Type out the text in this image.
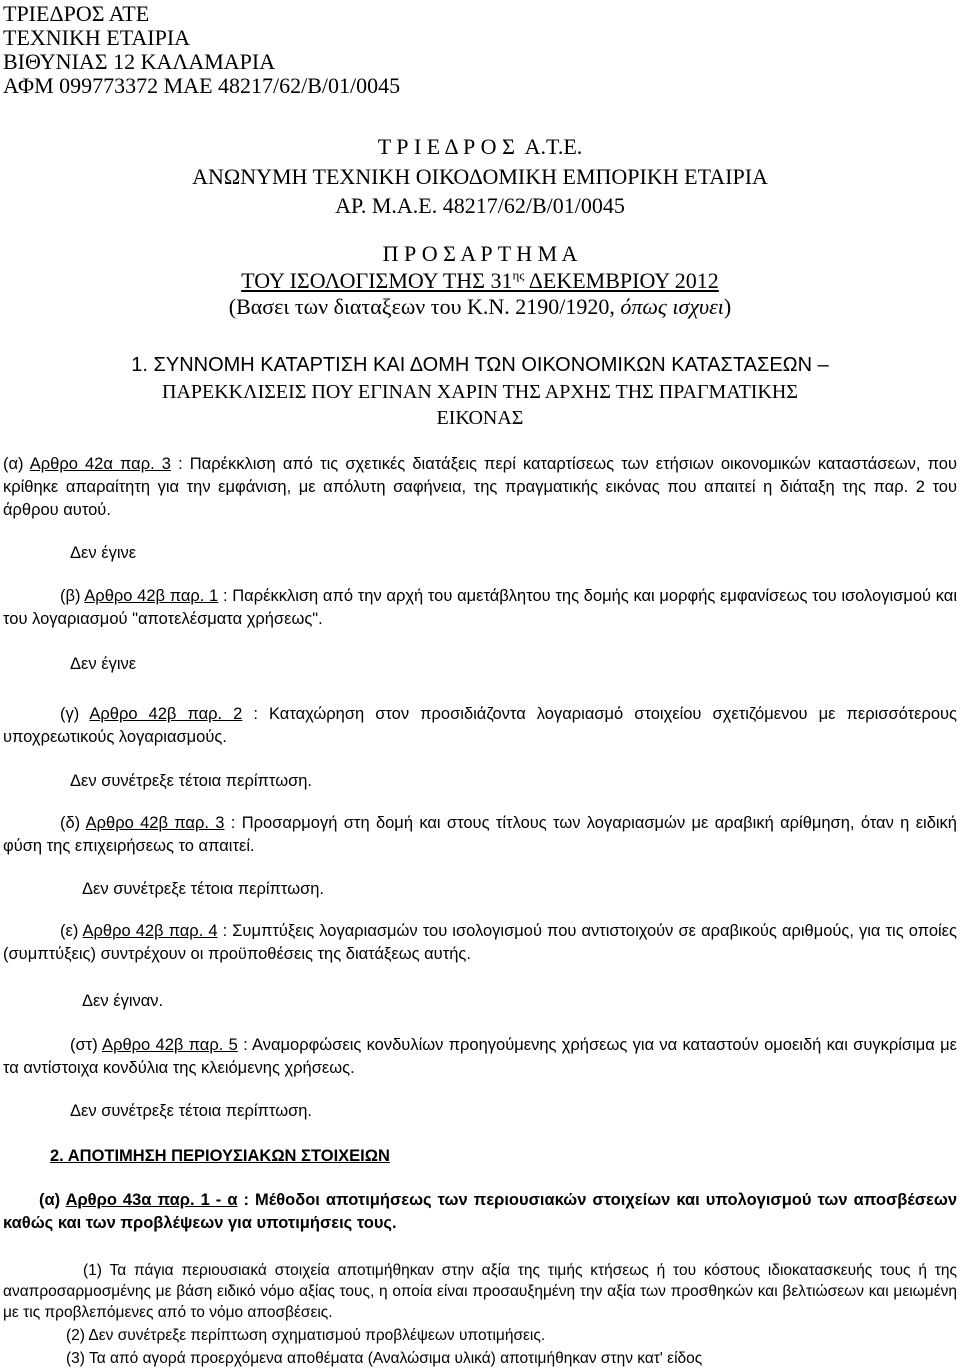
ΤΡΙΕΔΡΟΣ ΑΤΕ
ΤΕΧΝΙΚΗ ΕΤΑΙΡΙΑ
ΒΙΘΥΝΙΑΣ 12 ΚΑΛΑΜΑΡΙΑ
ΑΦΜ 099773372 ΜΑΕ 48217/62/Β/01/0045
Τ Ρ Ι Ε Δ Ρ Ο Σ  Α.Τ.Ε.
ΑΝΩΝΥΜΗ ΤΕΧΝΙΚΗ ΟΙΚΟΔΟΜΙΚΗ ΕΜΠΟΡΙΚΗ ΕΤΑΙΡΙΑ
ΑΡ. Μ.Α.Ε. 48217/62/Β/01/0045
Π Ρ Ο Σ Α Ρ Τ Η Μ Α
ΤΟΥ ΙΣΟΛΟΓΙΣΜΟΥ ΤΗΣ $31^{\eta\varsigma}$ ΔΕΚΕΜΒΡΙΟΥ 2012
(Βασει των διαταξεων του Κ.Ν. 2190/1920, όπως ισχυει)
1. ΣΥΝΝΟΜΗ ΚΑΤΑΡΤΙΣΗ ΚΑΙ ΔΟΜΗ ΤΩΝ ΟΙΚΟΝΟΜΙΚΩΝ ΚΑΤΑΣΤΑΣΕΩΝ –
ΠΑΡΕΚΚΛΙΣΕΙΣ ΠΟΥ ΕΓΙΝΑΝ ΧΑΡΙΝ ΤΗΣ ΑΡΧΗΣ ΤΗΣ ΠΡΑΓΜΑΤΙΚΗΣ
ΕΙΚΟΝΑΣ
(α) Αρθρο 42α παρ. 3 : Παρέκκλιση από τις σχετικές διατάξεις περί καταρτίσεως των ετήσιων οικονομικών καταστάσεων, που κρίθηκε απαραίτητη για την εμφάνιση, με απόλυτη σαφήνεια, της πραγματικής εικόνας που απαιτεί η διάταξη της παρ. 2 του άρθρου αυτού.
Δεν έγινε
(β) Αρθρο 42β παρ. 1 : Παρέκκλιση από την αρχή του αμετάβλητου της δομής και μορφής εμφανίσεως του ισολογισμού και του λογαριασμού "αποτελέσματα χρήσεως".
Δεν έγινε
(γ) Αρθρο 42β παρ. 2 : Καταχώρηση στον προσιδιάζοντα λογαριασμό στοιχείου σχετιζόμενου με περισσότερους υποχρεωτικούς λογαριασμούς.
Δεν συνέτρεξε τέτοια περίπτωση.
(δ) Αρθρο 42β παρ. 3 : Προσαρμογή στη δομή και στους τίτλους των λογαριασμών με αραβική αρίθμηση, όταν η ειδική φύση της επιχειρήσεως το απαιτεί.
Δεν συνέτρεξε τέτοια περίπτωση.
(ε) Αρθρο 42β παρ. 4 : Συμπτύξεις λογαριασμών του ισολογισμού που αντιστοιχούν σε αραβικούς αριθμούς, για τις οποίες (συμπτύξεις) συντρέχουν οι προϋποθέσεις της διατάξεως αυτής.
Δεν έγιναν.
(στ) Αρθρο 42β παρ. 5 : Αναμορφώσεις κονδυλίων προηγούμενης χρήσεως για να καταστούν ομοειδή και συγκρίσιμα με τα αντίστοιχα κονδύλια της κλειόμενης χρήσεως.
Δεν συνέτρεξε τέτοια περίπτωση.
2. ΑΠΟΤΙΜΗΣΗ ΠΕΡΙΟΥΣΙΑΚΩΝ ΣΤΟΙΧΕΙΩΝ
(α) Αρθρο 43α παρ. 1 - α : Μέθοδοι αποτιμήσεως των περιουσιακών στοιχείων και υπολογισμού των αποσβέσεων καθώς και των προβλέψεων για υποτιμήσεις τους.
(1) Τα πάγια περιουσιακά στοιχεία αποτιμήθηκαν στην αξία της τιμής κτήσεως ή του κόστους ιδιοκατασκευής τους ή της αναπροσαρμοσμένης με βάση ειδικό νόμο αξίας τους, η οποία είναι προσαυξημένη την αξία των προσθηκών και βελτιώσεων και μειωμένη με τις προβλεπόμενες από το νόμο αποσβέσεις.
(2) Δεν συνέτρεξε περίπτωση σχηματισμού προβλέψεων υποτιμήσεις.
(3) Τα από αγορά προερχόμενα αποθέματα (Αναλώσιμα υλικά) αποτιμήθηκαν στην κατ' είδος
